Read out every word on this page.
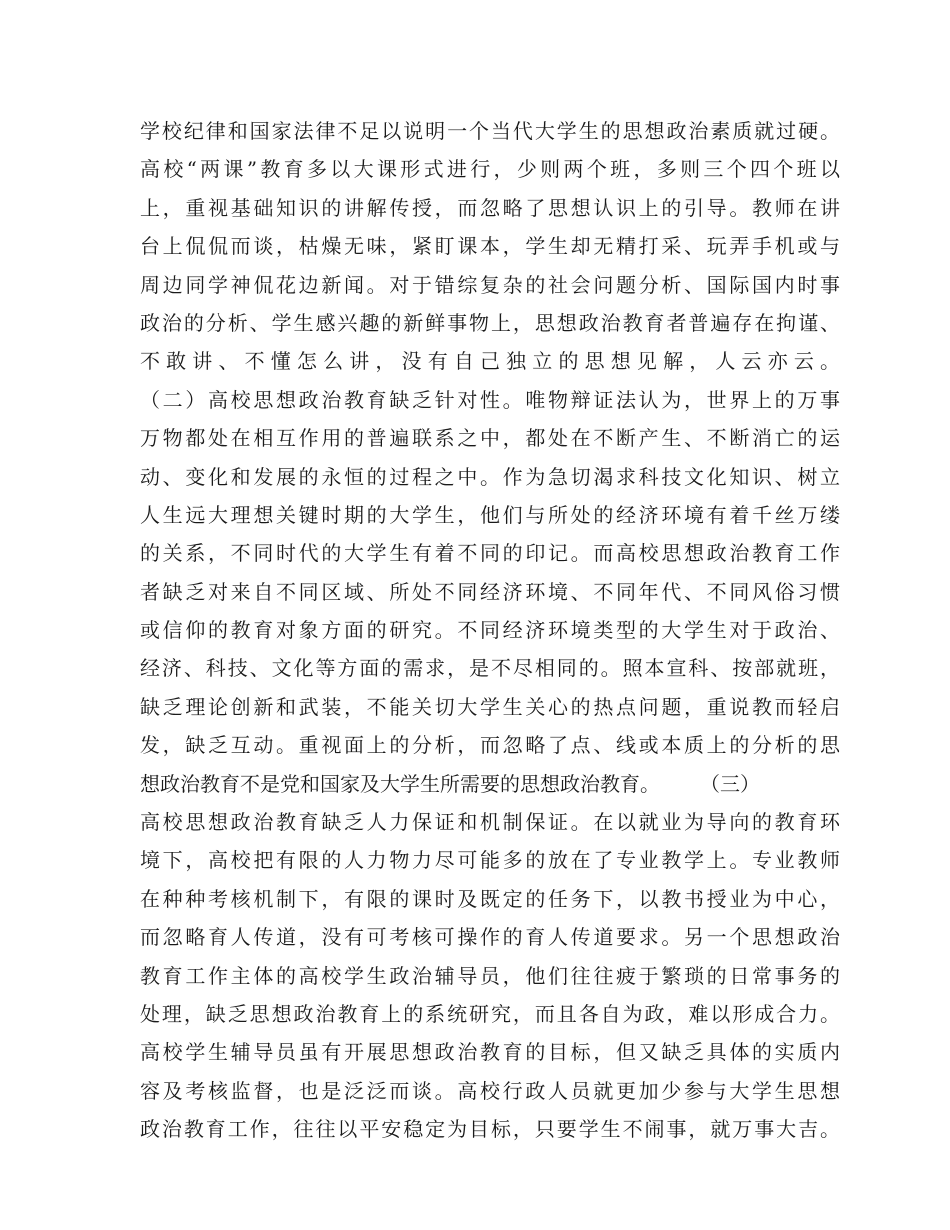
学校纪律和国家法律不足以说明一个当代大学生的思想政治素质就过硬。
高校“两课”教育多以大课形式进行，少则两个班，多则三个四个班以
上，重视基础知识的讲解传授，而忽略了思想认识上的引导。教师在讲
台上侃侃而谈，枯燥无味，紧盯课本，学生却无精打采、玩弄手机或与
周边同学神侃花边新闻。对于错综复杂的社会问题分析、国际国内时事
政治的分析、学生感兴趣的新鲜事物上，思想政治教育者普遍存在拘谨、
不敢讲、不懂怎么讲，没有自己独立的思想见解，人云亦云。
（二）高校思想政治教育缺乏针对性。唯物辩证法认为，世界上的万事
万物都处在相互作用的普遍联系之中，都处在不断产生、不断消亡的运
动、变化和发展的永恒的过程之中。作为急切渴求科技文化知识、树立
人生远大理想关键时期的大学生，他们与所处的经济环境有着千丝万缕
的关系，不同时代的大学生有着不同的印记。而高校思想政治教育工作
者缺乏对来自不同区域、所处不同经济环境、不同年代、不同风俗习惯
或信仰的教育对象方面的研究。不同经济环境类型的大学生对于政治、
经济、科技、文化等方面的需求，是不尽相同的。照本宣科、按部就班，
缺乏理论创新和武装，不能关切大学生关心的热点问题，重说教而轻启
发，缺乏互动。重视面上的分析，而忽略了点、线或本质上的分析的思
想政治教育不是党和国家及大学生所需要的思想政治教育。　　　（三）
高校思想政治教育缺乏人力保证和机制保证。在以就业为导向的教育环
境下，高校把有限的人力物力尽可能多的放在了专业教学上。专业教师
在种种考核机制下，有限的课时及既定的任务下，以教书授业为中心，
而忽略育人传道，没有可考核可操作的育人传道要求。另一个思想政治
教育工作主体的高校学生政治辅导员，他们往往疲于繁琐的日常事务的
处理，缺乏思想政治教育上的系统研究，而且各自为政，难以形成合力。
高校学生辅导员虽有开展思想政治教育的目标，但又缺乏具体的实质内
容及考核监督，也是泛泛而谈。高校行政人员就更加少参与大学生思想
政治教育工作，往往以平安稳定为目标，只要学生不闹事，就万事大吉。
